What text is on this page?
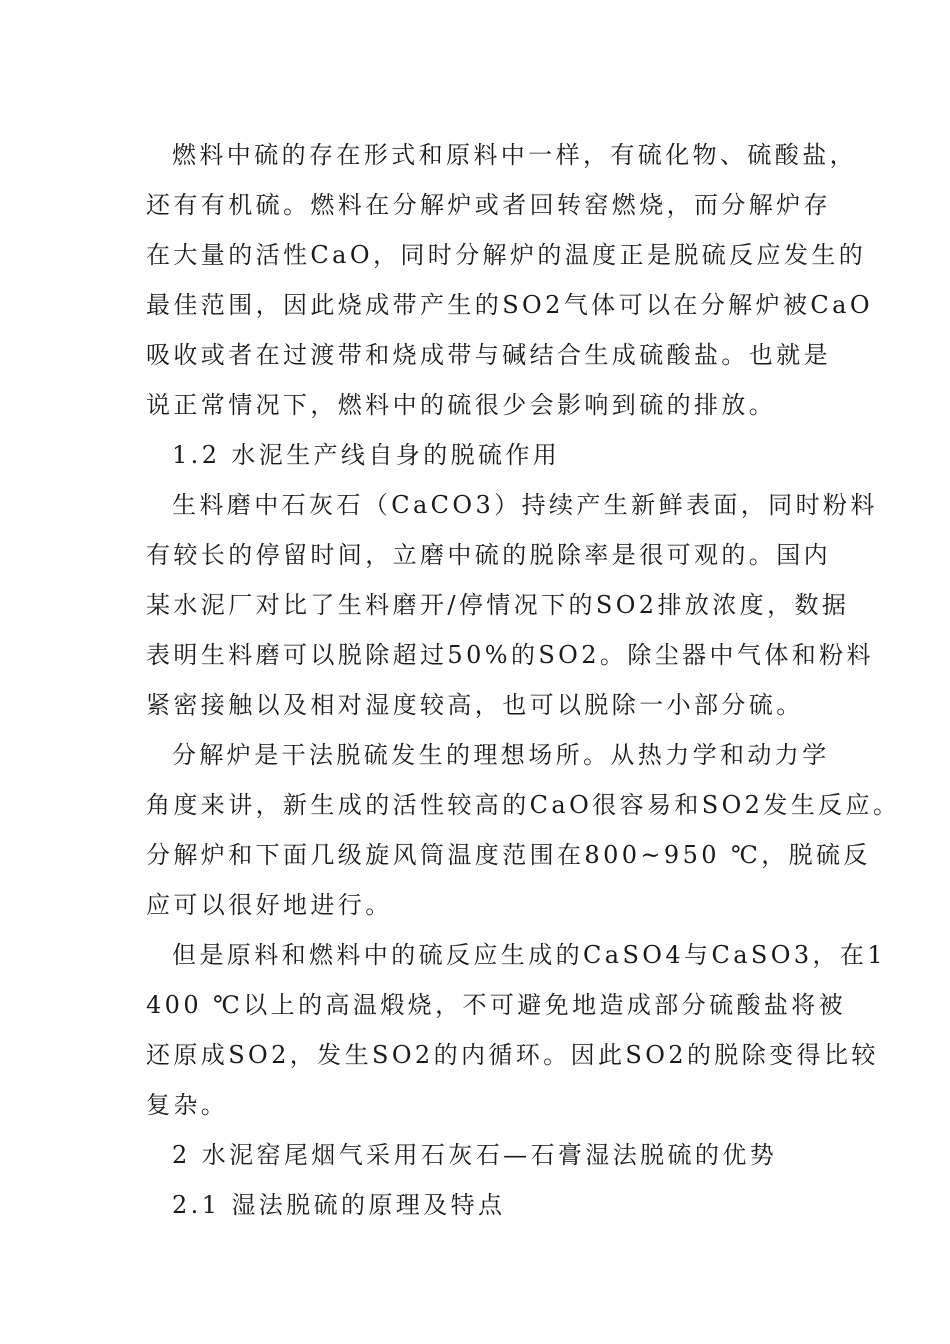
燃料中硫的存在形式和原料中一样，有硫化物、硫酸盐，
还有有机硫。燃料在分解炉或者回转窑燃烧，而分解炉存
在大量的活性CaO，同时分解炉的温度正是脱硫反应发生的
最佳范围，因此烧成带产生的SO2气体可以在分解炉被CaO
吸收或者在过渡带和烧成带与碱结合生成硫酸盐。也就是
说正常情况下，燃料中的硫很少会影响到硫的排放。
1.2 水泥生产线自身的脱硫作用
生料磨中石灰石（CaCO3）持续产生新鲜表面，同时粉料
有较长的停留时间，立磨中硫的脱除率是很可观的。国内
某水泥厂对比了生料磨开/停情况下的SO2排放浓度，数据
表明生料磨可以脱除超过50%的SO2。除尘器中气体和粉料
紧密接触以及相对湿度较高，也可以脱除一小部分硫。
分解炉是干法脱硫发生的理想场所。从热力学和动力学
角度来讲，新生成的活性较高的CaO很容易和SO2发生反应。
分解炉和下面几级旋风筒温度范围在800~950 ℃，脱硫反
应可以很好地进行。
但是原料和燃料中的硫反应生成的CaSO4与CaSO3，在1
400 ℃以上的高温煅烧，不可避免地造成部分硫酸盐将被
还原成SO2，发生SO2的内循环。因此SO2的脱除变得比较
复杂。
2 水泥窑尾烟气采用石灰石—石膏湿法脱硫的优势
2.1 湿法脱硫的原理及特点
